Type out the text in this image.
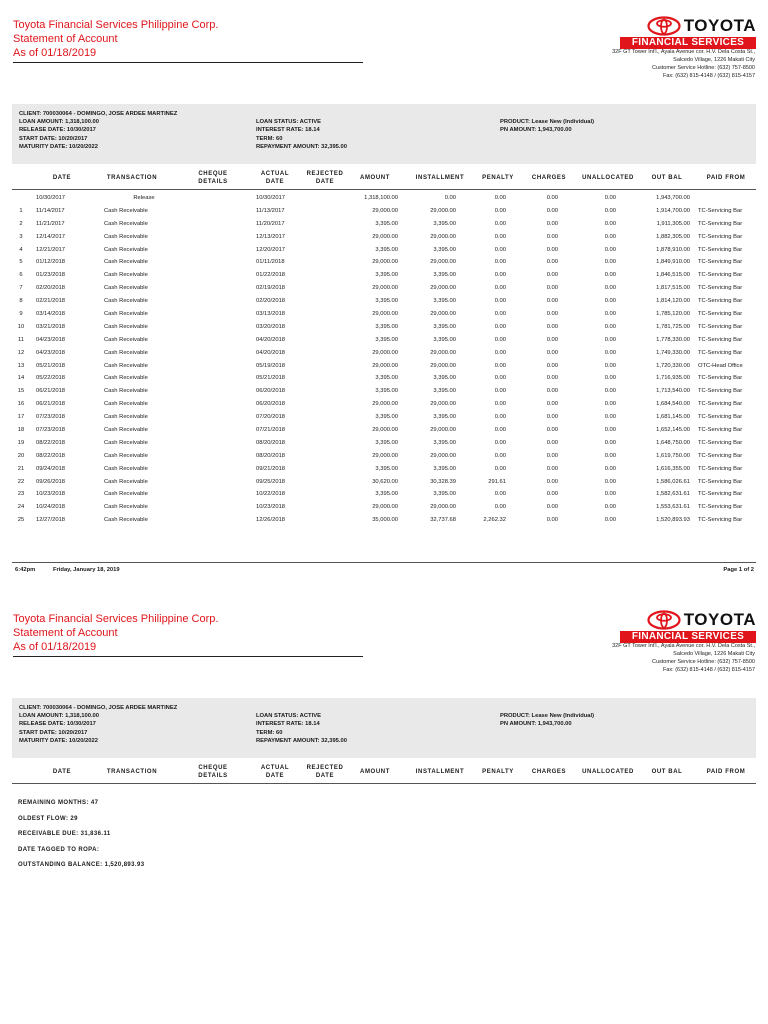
Toyota Financial Services Philippine Corp.
Statement of Account
As of 01/18/2019
TOYOTA
FINANCIAL SERVICES
32F GT Tower Int'l., Ayala Avenue cor. H.V. Dela Costa St.,
Salcedo Village, 1226 Makati City
Customer Service Hotline: (632) 757-8500
Fax: (632) 815-4148 / (632) 815-4157
CLIENT: 700030064 - DOMINGO, JOSE ARDEE MARTINEZ
LOAN AMOUNT: 1,318,100.00
RELEASE DATE: 10/30/2017
START DATE: 10/20/2017
MATURITY DATE: 10/20/2022
LOAN STATUS: ACTIVE
INTEREST RATE: 18.14
TERM: 60
REPAYMENT AMOUNT: 32,395.00
PRODUCT: Lease New (Individual)
PN AMOUNT: 1,943,700.00
DATE	TRANSACTION
CHEQUE DETAILS
ACTUAL DATE
REJECTED DATE
AMOUNT	INSTALLMENT	PENALTY	CHARGES	UNALLOCATED	OUT BAL	PAID FROM
10/30/2017	Release	10/30/2017	1,318,100.00	0.00	0.00	0.00	0.00	1,943,700.00
1	11/14/2017	Cash Receivable	11/13/2017	29,000.00	29,000.00	0.00	0.00	0.00	1,914,700.00 TC-Servicing Bar
2	11/21/2017	Cash Receivable	11/20/2017	3,395.00	3,395.00	0.00	0.00	0.00	1,911,305.00 TC-Servicing Bar
3	12/14/2017	Cash Receivable	12/13/2017	29,000.00	29,000.00	0.00	0.00	0.00	1,882,305.00 TC-Servicing Bar
4	12/21/2017	Cash Receivable	12/20/2017	3,395.00	3,395.00	0.00	0.00	0.00	1,878,910.00 TC-Servicing Bar
5	01/12/2018	Cash Receivable	01/11/2018	29,000.00	29,000.00	0.00	0.00	0.00	1,849,910.00 TC-Servicing Bar
6	01/23/2018	Cash Receivable	01/22/2018	3,395.00	3,395.00	0.00	0.00	0.00	1,846,515.00 TC-Servicing Bar
7	02/20/2018	Cash Receivable	02/19/2018	29,000.00	29,000.00	0.00	0.00	0.00	1,817,515.00 TC-Servicing Bar
8	02/21/2018	Cash Receivable	02/20/2018	3,395.00	3,395.00	0.00	0.00	0.00	1,814,120.00 TC-Servicing Bar
9	03/14/2018	Cash Receivable	03/13/2018	29,000.00	29,000.00	0.00	0.00	0.00	1,785,120.00 TC-Servicing Bar
10	03/21/2018	Cash Receivable	03/20/2018	3,395.00	3,395.00	0.00	0.00	0.00	1,781,725.00 TC-Servicing Bar
11	04/23/2018	Cash Receivable	04/20/2018	3,395.00	3,395.00	0.00	0.00	0.00	1,778,330.00 TC-Servicing Bar
12	04/23/2018	Cash Receivable	04/20/2018	29,000.00	29,000.00	0.00	0.00	0.00	1,749,330.00 TC-Servicing Bar
13	05/21/2018	Cash Receivable	05/19/2018	29,000.00	29,000.00	0.00	0.00	0.00	1,720,330.00 OTC-Head Office
14	05/22/2018	Cash Receivable	05/21/2018	3,395.00	3,395.00	0.00	0.00	0.00	1,716,935.00 TC-Servicing Bar
15	06/21/2018	Cash Receivable	06/20/2018	3,395.00	3,395.00	0.00	0.00	0.00	1,713,540.00 TC-Servicing Bar
16	06/21/2018	Cash Receivable	06/20/2018	29,000.00	29,000.00	0.00	0.00	0.00	1,684,540.00 TC-Servicing Bar
17	07/23/2018	Cash Receivable	07/20/2018	3,395.00	3,395.00	0.00	0.00	0.00	1,681,145.00 TC-Servicing Bar
18	07/23/2018	Cash Receivable	07/21/2018	29,000.00	29,000.00	0.00	0.00	0.00	1,652,145.00 TC-Servicing Bar
19	08/22/2018	Cash Receivable	08/20/2018	3,395.00	3,395.00	0.00	0.00	0.00	1,648,750.00 TC-Servicing Bar
20	08/22/2018	Cash Receivable	08/20/2018	29,000.00	29,000.00	0.00	0.00	0.00	1,619,750.00 TC-Servicing Bar
21	09/24/2018	Cash Receivable	09/21/2018	3,395.00	3,395.00	0.00	0.00	0.00	1,616,355.00 TC-Servicing Bar
22	09/26/2018	Cash Receivable	09/25/2018	30,620.00	30,328.39	291.61	0.00	0.00	1,586,026.61 TC-Servicing Bar
23	10/23/2018	Cash Receivable	10/22/2018	3,395.00	3,395.00	0.00	0.00	0.00	1,582,631.61 TC-Servicing Bar
24	10/24/2018	Cash Receivable	10/23/2018	29,000.00	29,000.00	0.00	0.00	0.00	1,553,631.61 TC-Servicing Bar
25	12/27/2018	Cash Receivable	12/26/2018	35,000.00	32,737.68	2,262.32	0.00	0.00	1,520,893.93 TC-Servicing Bar
6:42pm	Friday, January 18, 2019	Page 1 of 2
Toyota Financial Services Philippine Corp.
Statement of Account
As of 01/18/2019
TOYOTA
FINANCIAL SERVICES
32F GT Tower Int'l., Ayala Avenue cor. H.V. Dela Costa St.,
Salcedo Village, 1226 Makati City
Customer Service Hotline: (632) 757-8500
Fax: (632) 815-4148 / (632) 815-4157
CLIENT: 700030064 - DOMINGO, JOSE ARDEE MARTINEZ
LOAN AMOUNT: 1,318,100.00
RELEASE DATE: 10/30/2017
START DATE: 10/20/2017
MATURITY DATE: 10/20/2022
LOAN STATUS: ACTIVE
INTEREST RATE: 18.14
TERM: 60
REPAYMENT AMOUNT: 32,395.00
PRODUCT: Lease New (Individual)
PN AMOUNT: 1,943,700.00
DATE	TRANSACTION
CHEQUE DETAILS
ACTUAL DATE
REJECTED DATE
AMOUNT	INSTALLMENT	PENALTY	CHARGES	UNALLOCATED	OUT BAL	PAID FROM
REMAINING MONTHS: 47
OLDEST FLOW: 29
RECEIVABLE DUE: 31,836.11
DATE TAGGED TO ROPA:
OUTSTANDING BALANCE: 1,520,893.93
